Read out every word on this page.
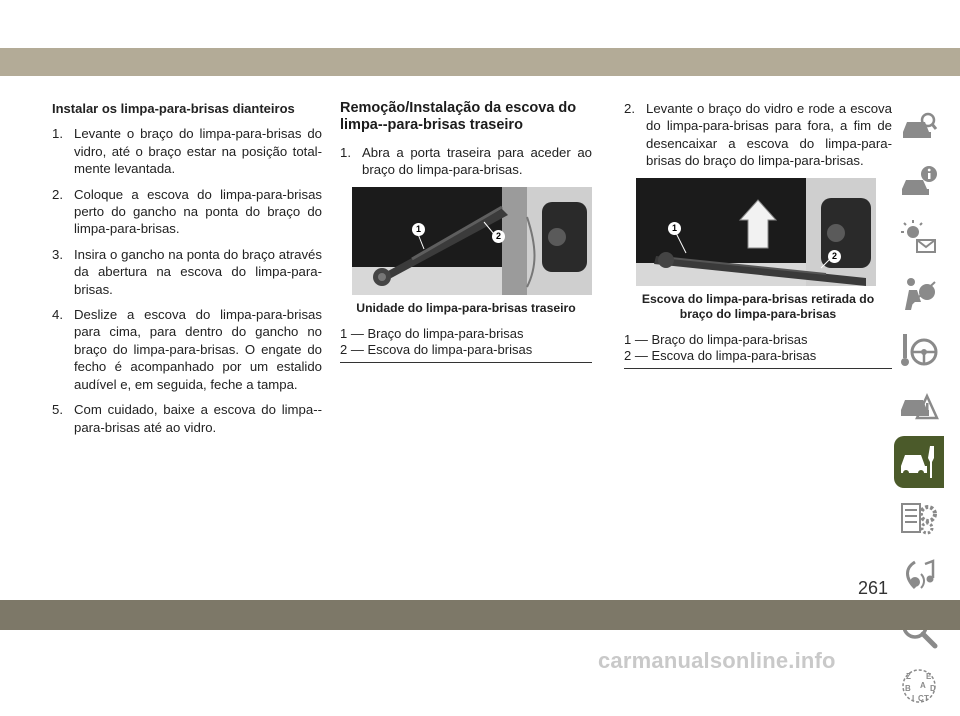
Instalar os limpa-para-brisas dianteiros
1. Levante o braço do limpa-para-brisas do vidro, até o braço estar na posição total-mente levantada.
2. Coloque a escova do limpa-para-brisas perto do gancho na ponta do braço do limpa-para-brisas.
3. Insira o gancho na ponta do braço através da abertura na escova do limpa-para-brisas.
4. Deslize a escova do limpa-para-brisas para cima, para dentro do gancho no braço do limpa-para-brisas. O engate do fecho é acompanhado por um estalido audível e, em seguida, feche a tampa.
5. Com cuidado, baixe a escova do limpa--para-brisas até ao vidro.
Remoção/Instalação da escova do limpa--para-brisas traseiro
1. Abra a porta traseira para aceder ao braço do limpa-para-brisas.
1
2
Unidade do limpa-para-brisas traseiro
1 — Braço do limpa-para-brisas
2 — Escova do limpa-para-brisas
2. Levante o braço do vidro e rode a escova do limpa-para-brisas para fora, a fim de desencaixar a escova do limpa-para-brisas do braço do limpa-para-brisas.
1
2
Escova do limpa-para-brisas retirada do braço do limpa-para-brisas
1 — Braço do limpa-para-brisas
2 — Escova do limpa-para-brisas
Z E
B A D
I C T
261
carmanualsonline.info
